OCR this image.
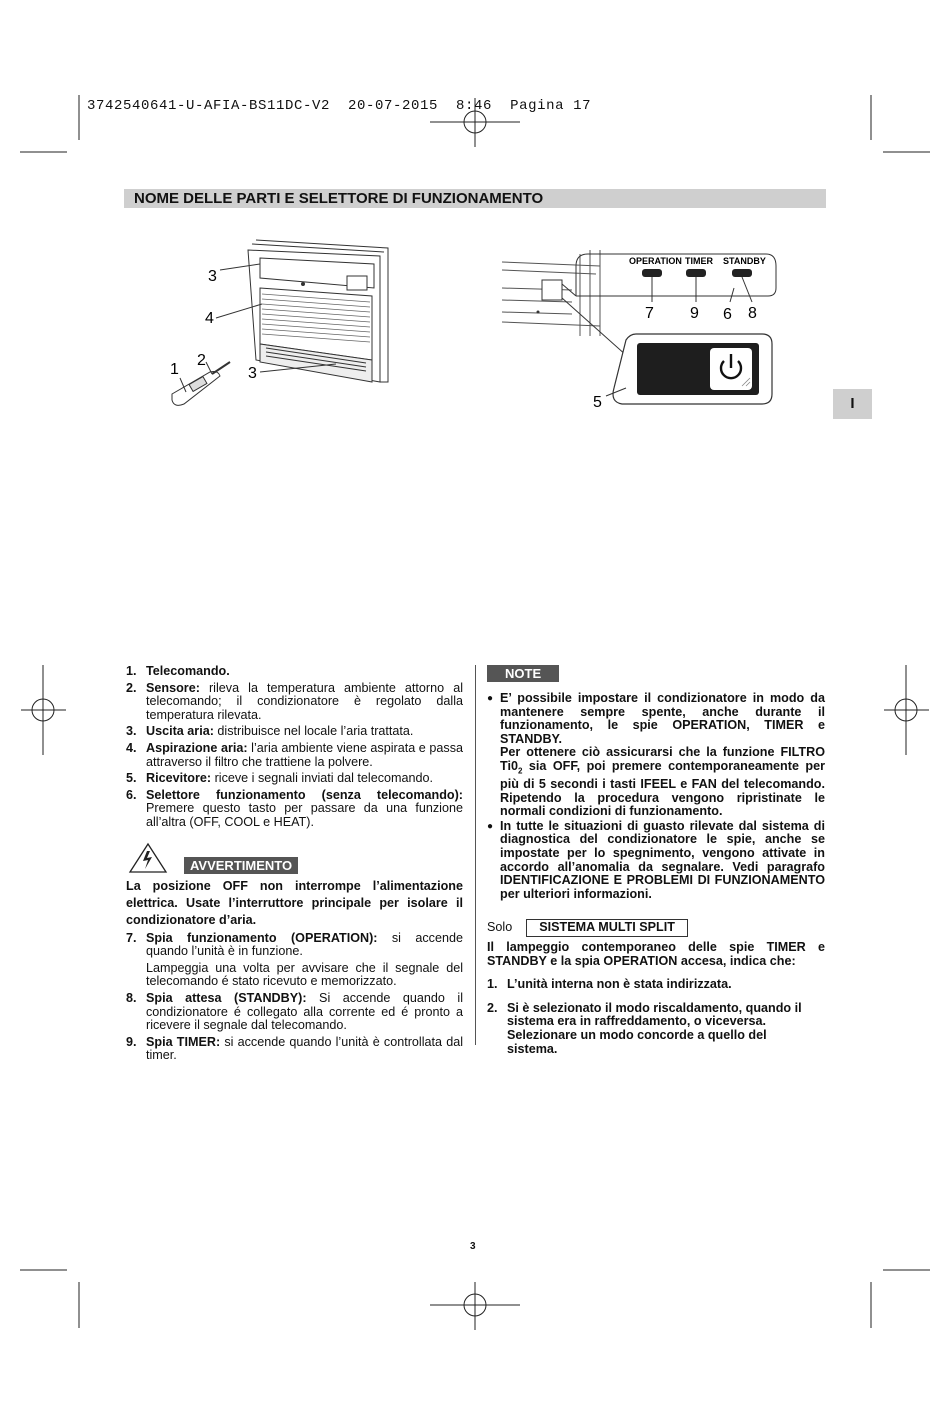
3742540641-U-AFIA-BS11DC-V2  20-07-2015  8:46  Pagina 17
NOME DELLE PARTI E SELETTORE DI FUNZIONAMENTO
I
3
4
2
1	3
OPERATION TIMER STANDBY
7 9 6 8
5
1. Telecomando.
2. Sensore: rileva la temperatura ambiente attorno al telecomando; il condizionatore è regolato dalla temperatura rilevata.
3. Uscita aria: distribuisce nel locale l’aria trattata.
4. Aspirazione aria: l’aria ambiente viene aspirata e passa attraverso il filtro che trattiene la polvere.
5. Ricevitore: riceve i segnali inviati dal telecomando.
6. Selettore funzionamento (senza telecomando): Premere questo tasto per passare da una funzione all’altra (OFF, COOL e HEAT).
AVVERTIMENTO
La posizione OFF non interrompe l’alimentazione elettrica. Usate l’interruttore principale per isolare il condizionatore d’aria.
7. Spia funzionamento (OPERATION): si accende quando l’unità è in funzione.
Lampeggia una volta per avvisare che il segnale del telecomando é stato ricevuto e memorizzato.
8. Spia attesa (STANDBY): Si accende quando il condizionatore é collegato alla corrente ed é pronto a ricevere il segnale dal telecomando.
9. Spia TIMER: si accende quando l’unità è controllata dal timer.
NOTE
● E’ possibile impostare il condizionatore in modo da mantenere sempre spente, anche durante il funzionamento, le spie OPERATION, TIMER e STANDBY.
Per ottenere ciò assicurarsi che la funzione FILTRO $Ti0_2$ sia OFF, poi premere contemporaneamente per più di 5 secondi i tasti IFEEL e FAN del telecomando. Ripetendo la procedura vengono ripristinate le normali condizioni di funzionamento.
● In tutte le situazioni di guasto rilevate dal sistema di diagnostica del condizionatore le spie, anche se impostate per lo spegnimento, vengono attivate in accordo all’anomalia da segnalare. Vedi paragrafo IDENTIFICAZIONE E PROBLEMI DI FUNZIONAMENTO per ulteriori informazioni.
Solo SISTEMA MULTI SPLIT
Il lampeggio contemporaneo delle spie TIMER e STANDBY e la spia OPERATION accesa, indica che:
1. L’unità interna non è stata indirizzata.
2. Si è selezionato il modo riscaldamento, quando il sistema era in raffreddamento, o viceversa. Selezionare un modo concorde a quello del sistema.
3
